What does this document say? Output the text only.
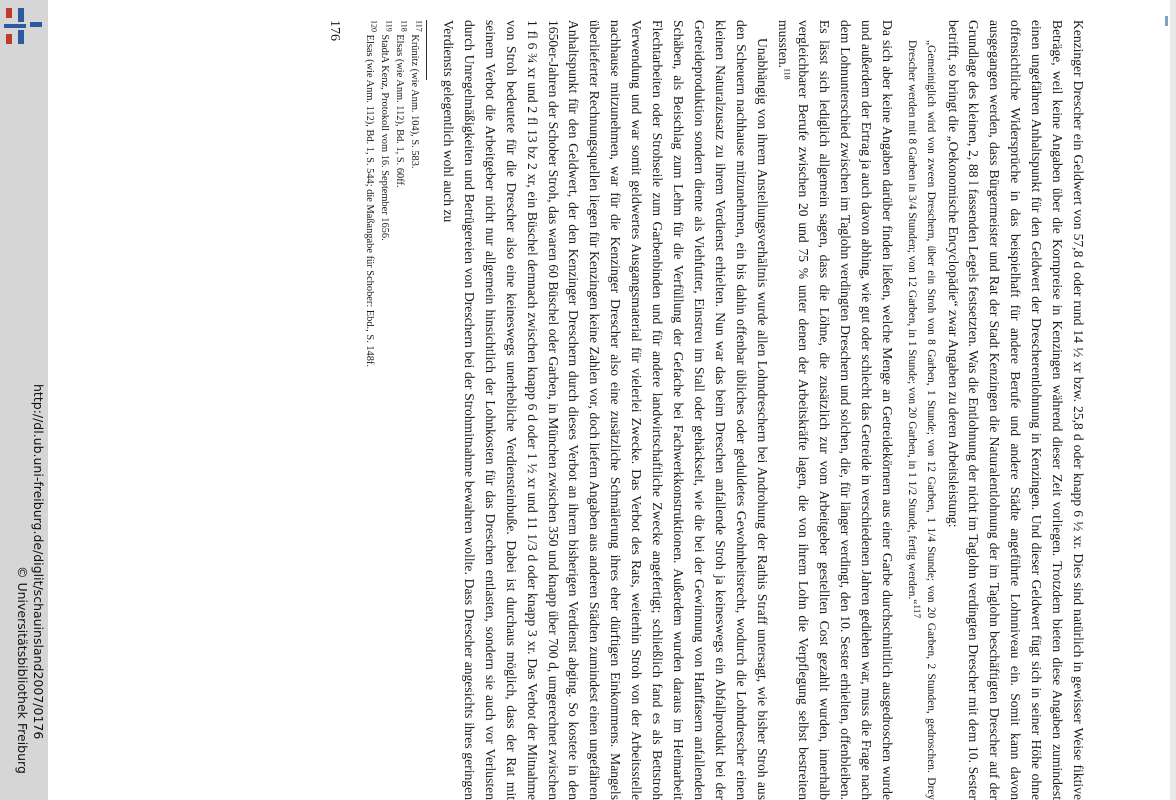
http://dl.ub.uni-freiburg.de/diglit/schauinsland2007/0176
© Universitätsbibliothek Freiburg	Kenzinger Drescher ein Geldwert von 57,8 d oder rund 14 ½ xr bzw. 25,8 d oder knapp 6 ½ xr. Dies sind natürlich in gewisser Weise fiktive Beträge, weil keine Angaben über die Kornpreise in Kenzingen während dieser Zeit vorliegen. Trotzdem bieten diese Angaben zumindest einen ungefähren Anhaltspunkt für den Geldwert der Drescherentlohnung in Kenzingen. Und dieser Geldwert fügt sich in seiner Höhe ohne offensichtliche Widersprüche in das beispielhaft für andere Berufe und andere Städte angeführte Lohnniveau ein. Somit kann davon ausgegangen werden, dass Bürgermeister und Rat der Stadt Kenzingen die Naturalentlohnung der im Taglohn beschäftigten Drescher auf der Grundlage des kleinen, 2, 88 l fassenden Legels festsetzten. Was die Entlohnung der nicht im Taglohn verdingten Drescher mit dem 10. Sester betrifft, so bringt die „Oekonomische Encyclopädie“ zwar Angaben zu deren Arbeitsleistung:

„Gemeiniglich wird von zween Dreschern, über ein Stroh von 8 Garben, 1 Stunde; von 12 Garben, 1 1/4 Stunde; von 20 Garben, 2 Stunden, gedroschen. Drey Drescher werden mit 8 Garben in 3/4 Stunden; von 12 Garben, in 1 Stunde; von 20 Garben, in 1 1/2 Stunde, fertig werden.“$^{117}$

Da sich aber keine Angaben darüber finden ließen, welche Menge an Getreidekörnern aus einer Garbe durchschnittlich ausgedroschen wurde und außerdem der Ertrag ja auch davon abhing, wie gut oder schlecht das Getreide in verschiedenen Jahren gediehen war, muss die Frage nach dem Lohnunterschied zwischen im Taglohn verdingten Dreschern und solchen, die, für länger verdingt, den 10. Sester erhielten, offenbleiben. Es lässt sich lediglich allgemein sagen, dass die Löhne, die zusätzlich zur vom Arbeitgeber gestellten Cost gezahlt wurden, innerhalb vergleichbarer Berufe zwischen 20 und 75 % unter denen der Arbeitskräfte lagen, die von ihrem Lohn die Verpflegung selbst bestreiten mussten.$^{118}$

Unabhängig von ihrem Anstellungsverhältnis wurde allen Lohndreschern bei Androhung der Rathis Straff untersagt, wie bisher Stroh aus den Scheuern nachhause mitzunehmen, ein bis dahin offenbar übliches oder geduldetes Gewohnheitsrecht, wodurch die Lohndrescher einen kleinen Naturalzusatz zu ihrem Verdienst erhielten. Nun war das beim Dreschen anfallende Stroh ja keineswegs ein Abfallprodukt bei der Getreideproduktion sondern diente als Viehfutter, Einstreu im Stall oder gehäckselt, wie die bei der Gewinnung von Hanffasern anfallenden Schäben, als Beischlag zum Lehm für die Verfüllung der Gefache bei Fachwerkkonstruktionen. Außerdem wurden daraus im Heimarbeit Flechtarbeiten oder Strohseile zum Garbenbinden und für andere landwirtschaftliche Zwecke angefertigt; schließlich fand es als Bettstroh Verwendung und war somit geldwertes Ausgangsmaterial für vielerlei Zwecke. Das Verbot des Rats, weiterhin Stroh von der Arbeitsstelle nachhause mitzunehmen, war für die Kenzinger Drescher also eine zusätzliche Schmälerung ihres eher dürftigen Einkommens. Mangels überlieferter Rechnungsquellen liegen für Kenzingen keine Zahlen vor, doch liefern Angaben aus anderen Städten zumindest einen ungefähren Anhaltspunkt für den Geldwert, der den Kenzinger Dreschern durch dieses Verbot an ihrem bisherigen Verdienst abging. So kostete in den 1650er-Jahren der Schober Stroh, das waren 60 Büschel oder Garben, in München zwischen 350 und knapp über 700 d, umgerechnet zwischen 1 fl 6 ¾ xr und 2 fl 13 bz 2 xr, ein Büschel demnach zwischen knapp 6 d oder 1 ½ xr und 11 1/3 d oder knapp 3 xr. Das Verbot der Mitnahme von Stroh bedeutete für die Drescher also eine keineswegs unerhebliche Verdiensteinbuße. Dabei ist durchaus möglich, dass der Rat mit seinem Verbot die Arbeitgeber nicht nur allgemein hinsichtlich der Lohnkosten für das Dreschen entlasten, sondern sie auch vor Verlusten durch Unregelmäßigkeiten und Betrügereien von Dreschern bei der Strohmitnahme bewahren wollte. Dass Drescher angesichts ihres geringen Verdiensts gelegentlich wohl auch zu

$^{117}$ Krünitz (wie Anm. 104), S. 583.

$^{118}$ Elsas (wie Anm. 112), Bd. 1, S. 60ff.

$^{119}$ StadtA Kenz, Protokoll vom 16. September 1656.

$^{120}$ Elsas (wie Anm. 112), Bd. 1, S. 544; die Maßangabe für Schober: Ebd., S. 148f.

176
